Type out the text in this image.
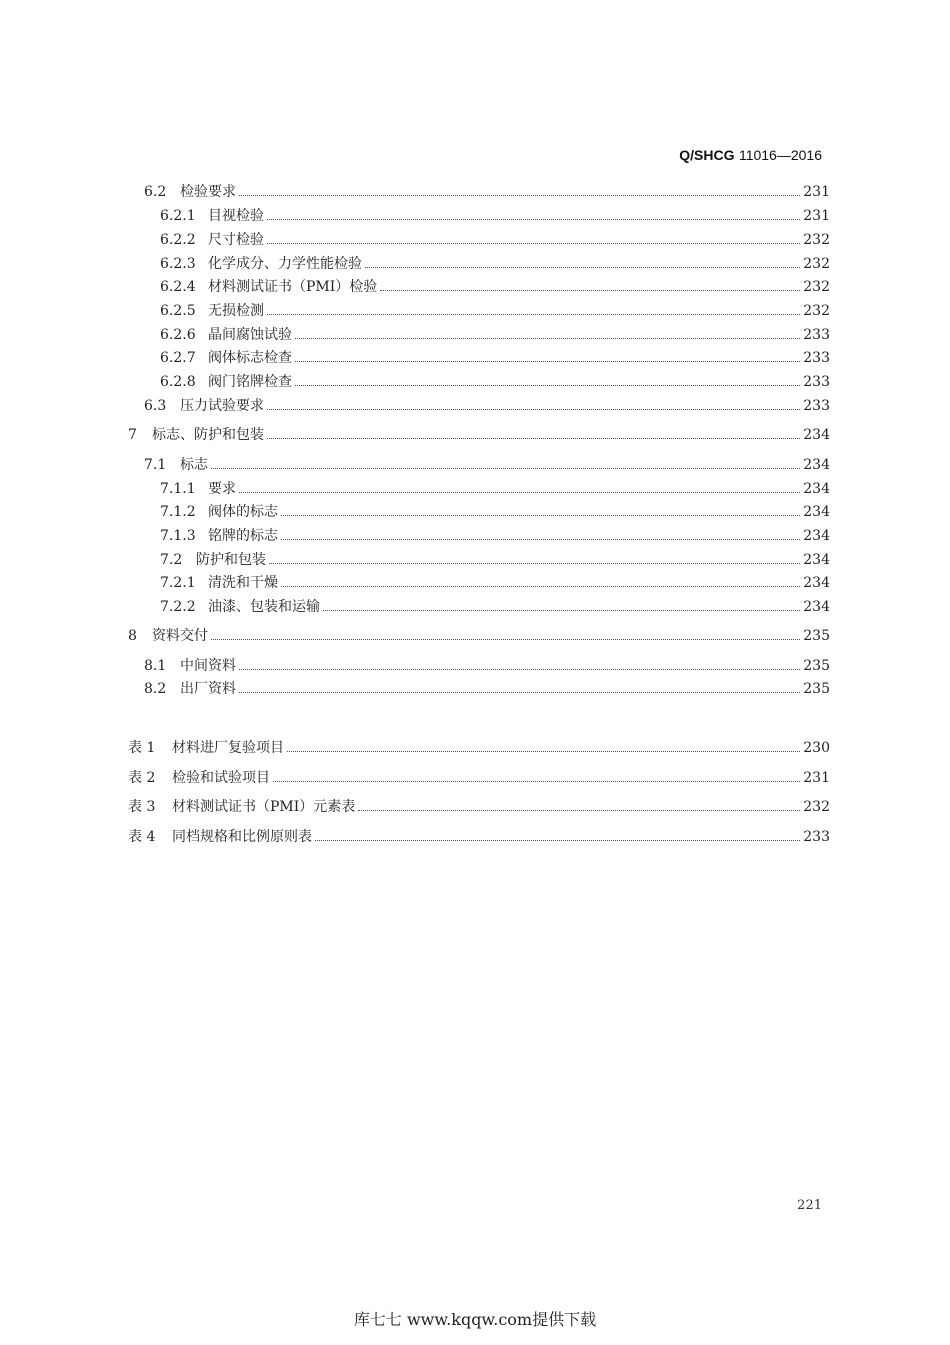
Q/SHCG 11016—2016
6.2 检验要求	231
6.2.1 目视检验	231
6.2.2 尺寸检验	232
6.2.3 化学成分、力学性能检验	232
6.2.4 材料测试证书（PMI）检验	232
6.2.5 无损检测	232
6.2.6 晶间腐蚀试验	233
6.2.7 阀体标志检查	233
6.2.8 阀门铭牌检查	233
6.3 压力试验要求	233
7	标志、防护和包装	234
7.1 标志	234
7.1.1 要求	234
7.1.2 阀体的标志	234
7.1.3 铭牌的标志	234
7.2 防护和包装	234
7.2.1 清洗和干燥	234
7.2.2 油漆、包装和运输	234
8	资料交付	235
8.1 中间资料	235
8.2 出厂资料	235
表 1	材料进厂复验项目	230
表 2	检验和试验项目	231
表 3	材料测试证书（PMI）元素表	232
表 4	同档规格和比例原则表	233
221
库七七 www.kqqw.com提供下载
